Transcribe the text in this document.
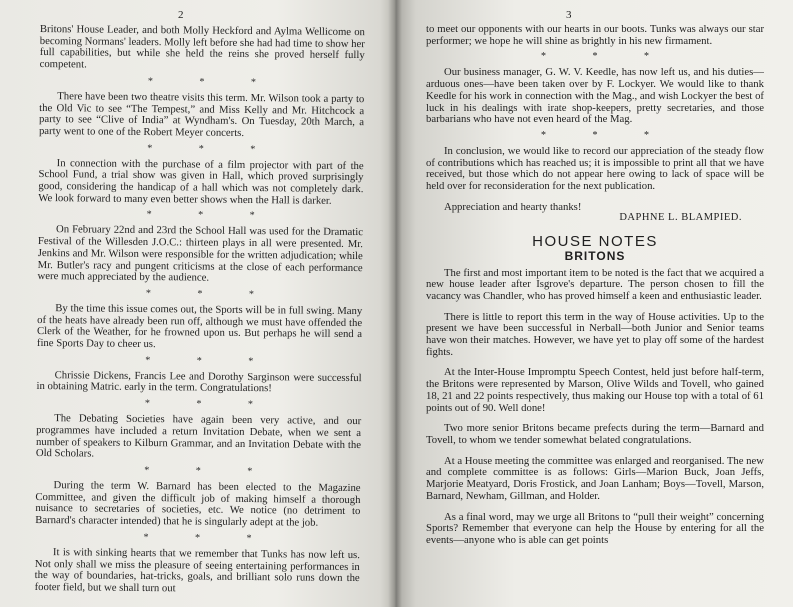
2

Britons' House Leader, and both Molly Heckford and Aylma Wellicome on becoming Normans' leaders. Molly left before she had had time to show her full capabilities, but while she held the reins she proved herself fully competent.

* * *

There have been two theatre visits this term. Mr. Wilson took a party to the Old Vic to see “The Tempest,” and Miss Kelly and Mr. Hitchcock a party to see “Clive of India” at Wyndham's. On Tuesday, 20th March, a party went to one of the Robert Meyer concerts.

* * *

In connection with the purchase of a film projector with part of the School Fund, a trial show was given in Hall, which proved surprisingly good, considering the handicap of a hall which was not completely dark. We look forward to many even better shows when the Hall is darker.

* * *

On February 22nd and 23rd the School Hall was used for the Dramatic Festival of the Willesden J.O.C.: thirteen plays in all were presented. Mr. Jenkins and Mr. Wilson were responsible for the written adjudication; while Mr. Butler's racy and pungent criticisms at the close of each performance were much appreciated by the audience.

* * *

By the time this issue comes out, the Sports will be in full swing. Many of the heats have already been run off, although we must have offended the Clerk of the Weather, for he frowned upon us. But perhaps he will send a fine Sports Day to cheer us.

* * *

Chrissie Dickens, Francis Lee and Dorothy Sarginson were successful in obtaining Matric. early in the term. Congratulations!

* * *

The Debating Societies have again been very active, and our programmes have included a return Invitation Debate, when we sent a number of speakers to Kilburn Grammar, and an Invitation Debate with the Old Scholars.

* * *

During the term W. Barnard has been elected to the Magazine Committee, and given the difficult job of making himself a thorough nuisance to secretaries of societies, etc. We notice (no detriment to Barnard's character intended) that he is singularly adept at the job.

* * *

It is with sinking hearts that we remember that Tunks has now left us. Not only shall we miss the pleasure of seeing entertaining performances in the way of boundaries, hat-tricks, goals, and brilliant solo runs down the footer field, but we shall turn out

3

to meet our opponents with our hearts in our boots. Tunks was always our star performer; we hope he will shine as brightly in his new firmament.

* * *

Our business manager, G. W. V. Keedle, has now left us, and his duties—arduous ones—have been taken over by F. Lockyer. We would like to thank Keedle for his work in connection with the Mag., and wish Lockyer the best of luck in his dealings with irate shop-keepers, pretty secretaries, and those barbarians who have not even heard of the Mag.

* * *

In conclusion, we would like to record our appreciation of the steady flow of contributions which has reached us; it is impossible to print all that we have received, but those which do not appear here owing to lack of space will be held over for reconsideration for the next publication.

Appreciation and hearty thanks!
DAPHNE L. BLAMPIED.
HOUSE NOTES
BRITONS

The first and most important item to be noted is the fact that we acquired a new house leader after Isgrove's departure. The person chosen to fill the vacancy was Chandler, who has proved himself a keen and enthusiastic leader.

There is little to report this term in the way of House activities. Up to the present we have been successful in Nerball—both Junior and Senior teams have won their matches. However, we have yet to play off some of the hardest fights.

At the Inter-House Impromptu Speech Contest, held just before half-term, the Britons were represented by Marson, Olive Wilds and Tovell, who gained 18, 21 and 22 points respectively, thus making our House top with a total of 61 points out of 90. Well done!

Two more senior Britons became prefects during the term—Barnard and Tovell, to whom we tender somewhat belated congratulations.

At a House meeting the committee was enlarged and reorganised. The new and complete committee is as follows: Girls—Marion Buck, Joan Jeffs, Marjorie Meatyard, Doris Frostick, and Joan Lanham; Boys—Tovell, Marson, Barnard, Newham, Gillman, and Holder.

As a final word, may we urge all Britons to “pull their weight” concerning Sports? Remember that everyone can help the House by entering for all the events—anyone who is able can get points
